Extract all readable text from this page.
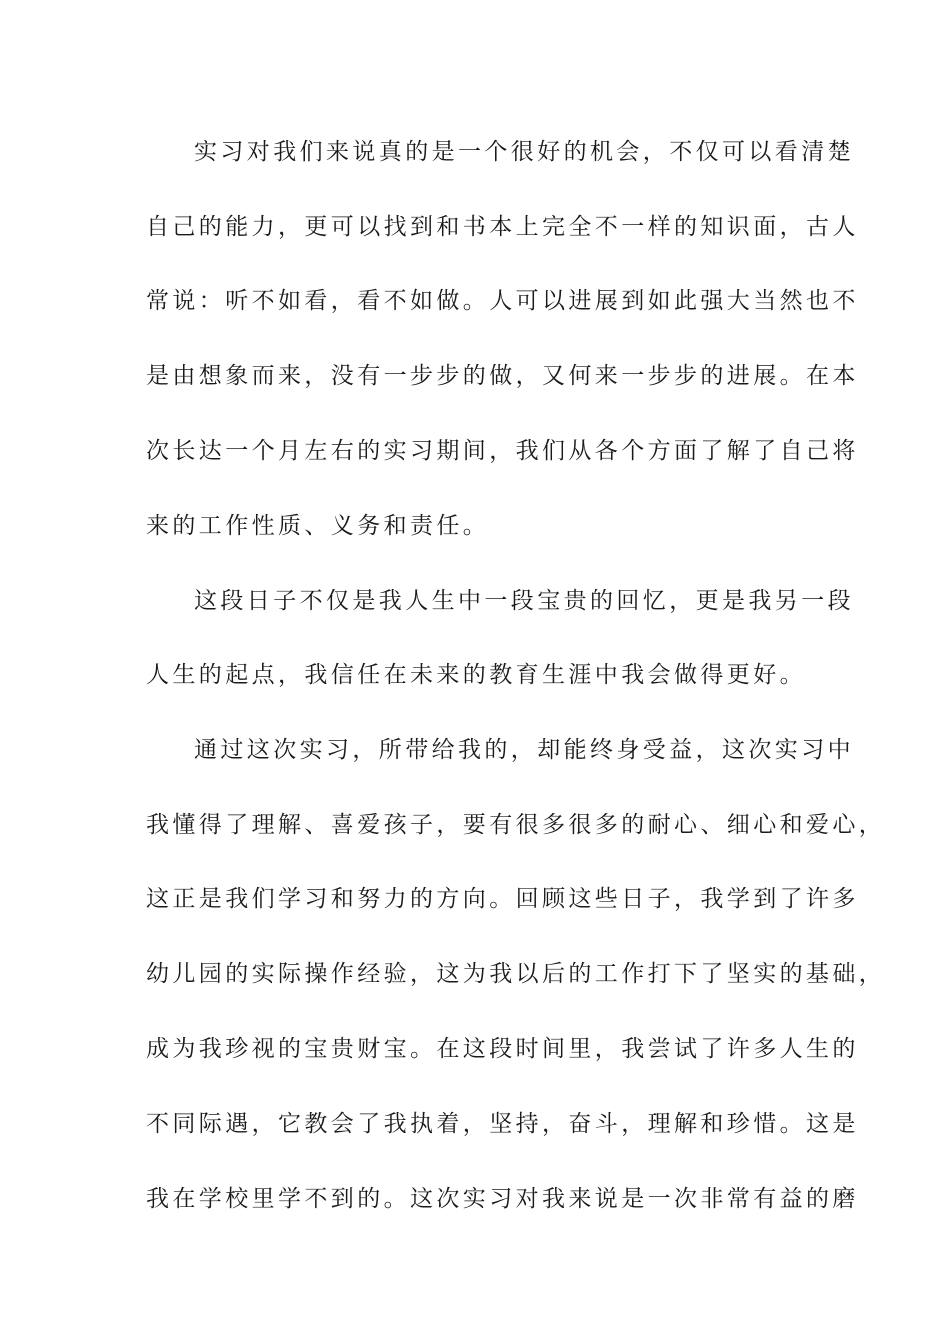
实习对我们来说真的是一个很好的机会，不仅可以看清楚
自己的能力，更可以找到和书本上完全不一样的知识面，古人
常说：听不如看，看不如做。人可以进展到如此强大当然也不
是由想象而来，没有一步步的做，又何来一步步的进展。在本
次长达一个月左右的实习期间，我们从各个方面了解了自己将
来的工作性质、义务和责任。
这段日子不仅是我人生中一段宝贵的回忆，更是我另一段
人生的起点，我信任在未来的教育生涯中我会做得更好。
通过这次实习，所带给我的，却能终身受益，这次实习中
我懂得了理解、喜爱孩子，要有很多很多的耐心、细心和爱心，
这正是我们学习和努力的方向。回顾这些日子，我学到了许多
幼儿园的实际操作经验，这为我以后的工作打下了坚实的基础，
成为我珍视的宝贵财宝。在这段时间里，我尝试了许多人生的
不同际遇，它教会了我执着，坚持，奋斗，理解和珍惜。这是
我在学校里学不到的。这次实习对我来说是一次非常有益的磨
